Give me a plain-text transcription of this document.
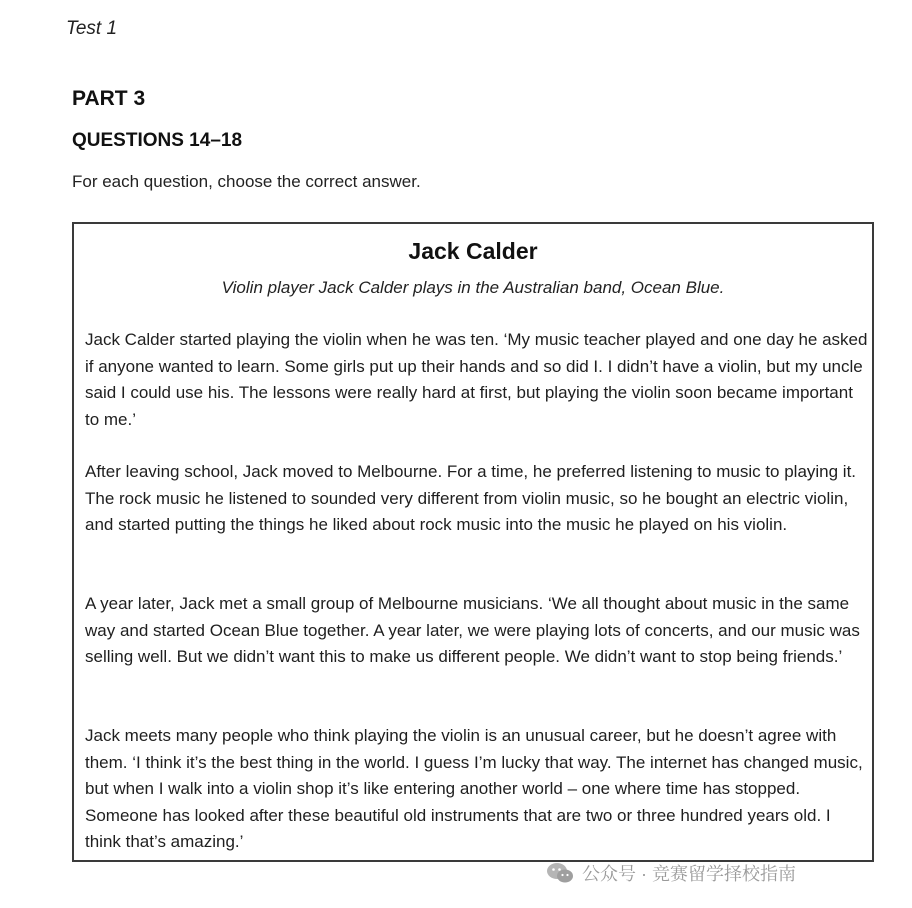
Test 1
PART 3
QUESTIONS 14–18
For each question, choose the correct answer.
Jack Calder
Violin player Jack Calder plays in the Australian band, Ocean Blue.

Jack Calder started playing the violin when he was ten. ‘My music teacher played and one day he asked if anyone wanted to learn. Some girls put up their hands and so did I. I didn’t have a violin, but my uncle said I could use his. The lessons were really hard at first, but playing the violin soon became important to me.’

After leaving school, Jack moved to Melbourne. For a time, he preferred listening to music to playing it. The rock music he listened to sounded very different from violin music, so he bought an electric violin, and started putting the things he liked about rock music into the music he played on his violin.

A year later, Jack met a small group of Melbourne musicians. ‘We all thought about music in the same way and started Ocean Blue together. A year later, we were playing lots of concerts, and our music was selling well. But we didn’t want this to make us different people. We didn’t want to stop being friends.’

Jack meets many people who think playing the violin is an unusual career, but he doesn’t agree with them. ‘I think it’s the best thing in the world. I guess I’m lucky that way. The internet has changed music, but when I walk into a violin shop it’s like entering another world – one where time has stopped. Someone has looked after these beautiful old instruments that are two or three hundred years old. I think that’s amazing.’

公众号 · 竞赛留学择校指南
